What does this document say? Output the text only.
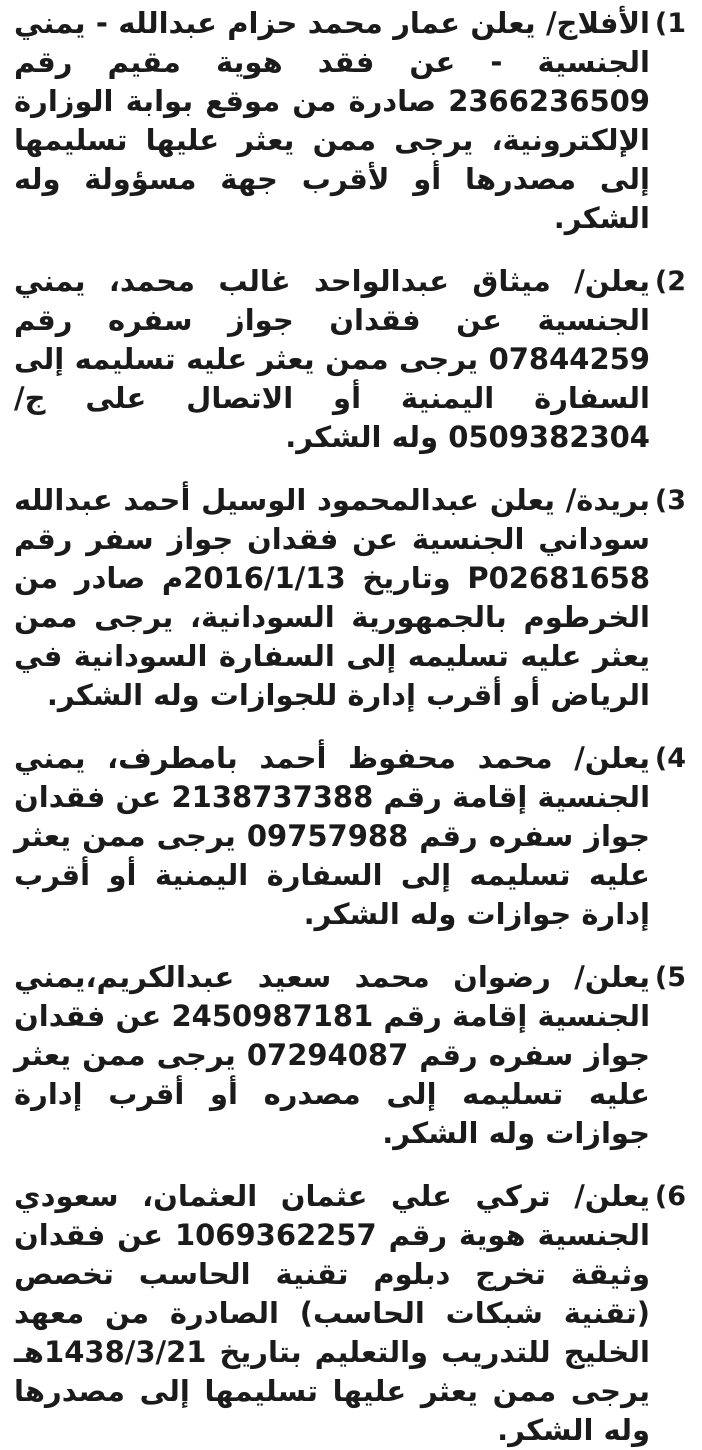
1)
الأفلاج/ يعلن عمار محمد حزام عبدالله - يمني الجنسية - عن فقد هوية مقيم رقم 2366236509 صادرة من موقع بوابة الوزارة الإلكترونية، يرجى ممن يعثر عليها تسليمها إلى مصدرها أو لأقرب جهة مسؤولة وله الشكر.
2)
يعلن/ ميثاق عبدالواحد غالب محمد، يمني الجنسية عن فقدان جواز سفره رقم 07844259 يرجى ممن يعثر عليه تسليمه إلى السفارة اليمنية أو الاتصال على ج/ 0509382304 وله الشكر.
3)
بريدة/ يعلن عبدالمحمود الوسيل أحمد عبدالله سوداني الجنسية عن فقدان جواز سفر رقم P02681658 وتاريخ 2016/1/13م صادر من الخرطوم بالجمهورية السودانية، يرجى ممن يعثر عليه تسليمه إلى السفارة السودانية في الرياض أو أقرب إدارة للجوازات وله الشكر.
4)
يعلن/ محمد محفوظ أحمد بامطرف، يمني الجنسية إقامة رقم 2138737388 عن فقدان جواز سفره رقم 09757988 يرجى ممن يعثر عليه تسليمه إلى السفارة اليمنية أو أقرب إدارة جوازات وله الشكر.
5)
يعلن/ رضوان محمد سعيد عبدالكريم،يمني الجنسية إقامة رقم 2450987181 عن فقدان جواز سفره رقم 07294087 يرجى ممن يعثر عليه تسليمه إلى مصدره أو أقرب إدارة جوازات وله الشكر.
6)
يعلن/ تركي علي عثمان العثمان، سعودي الجنسية هوية رقم 1069362257 عن فقدان وثيقة تخرج دبلوم تقنية الحاسب تخصص (تقنية شبكات الحاسب) الصادرة من معهد الخليج للتدريب والتعليم بتاريخ 1438/3/21هـ يرجى ممن يعثر عليها تسليمها إلى مصدرها وله الشكر.
